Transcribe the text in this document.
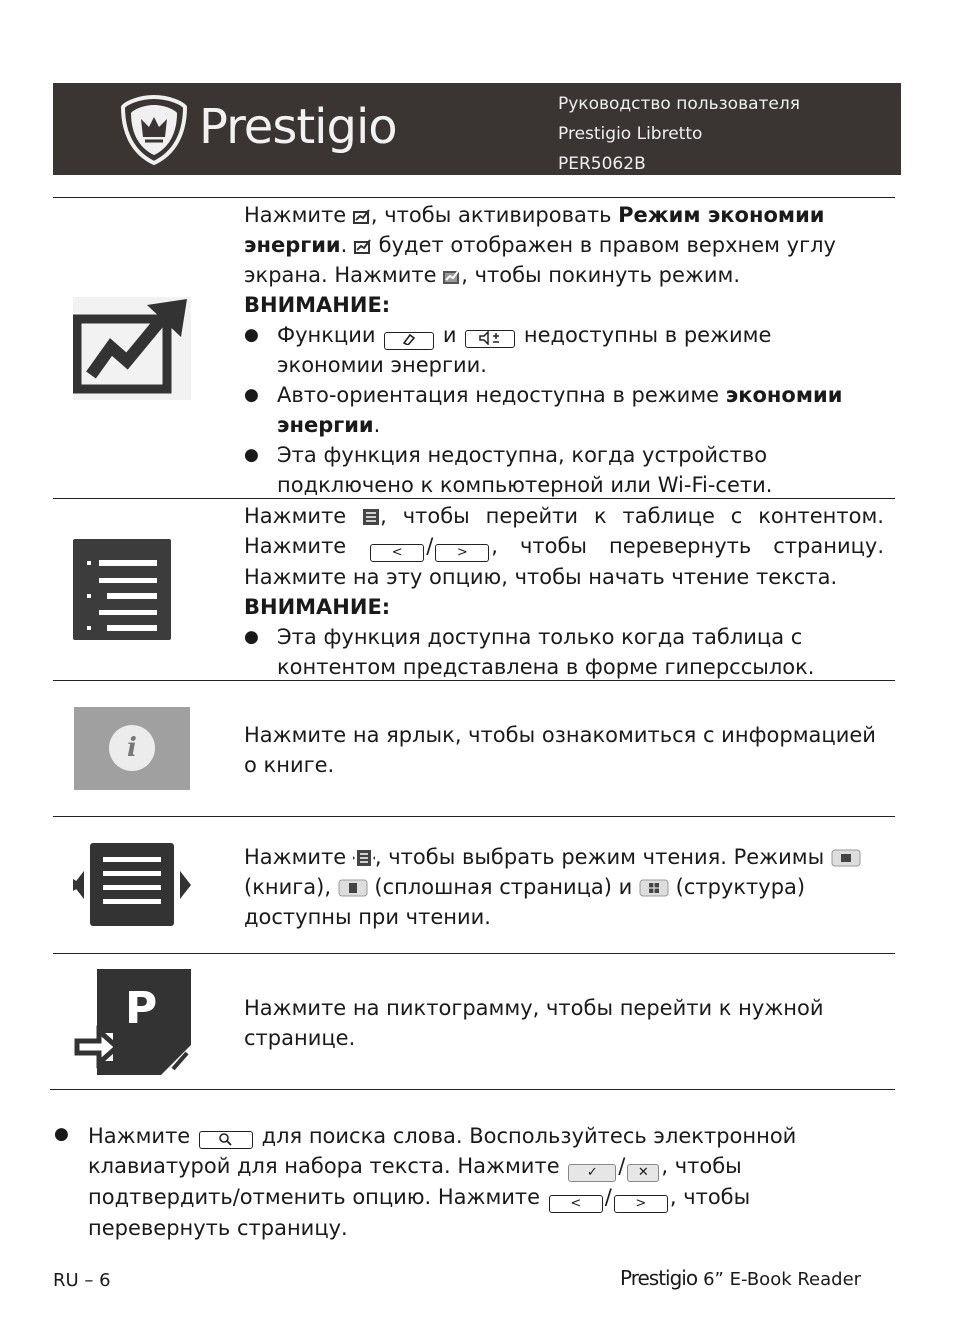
Prestigio	Руководство пользователя
Prestigio Libretto
PER5062B
Нажмите , чтобы активировать Режим экономии энергии.  будет отображен в правом верхнем углу экрана. Нажмите , чтобы покинуть режим.
ВНИМАНИЕ:
● Функции	и	недоступны в режиме экономии энергии.
● Авто-ориентация недоступна в режиме экономии энергии.
● Эта функция недоступна, когда устройство подключено к компьютерной или Wi-Fi-сети.
Нажмите , чтобы перейти к таблице с контентом. Нажмите < / > , чтобы перевернуть страницу. Нажмите на эту опцию, чтобы начать чтение текста.
ВНИМАНИЕ:
● Эта функция доступна только когда таблица с контентом представлена в форме гиперссылок.
i	Нажмите на ярлык, чтобы ознакомиться с информацией о книге.
Нажмите , чтобы выбрать режим чтения. Режимы  (книга),  (сплошная страница) и  (структура) доступны при чтении.
P	Нажмите на пиктограмму, чтобы перейти к нужной странице.
● Нажмите	для поиска слова. Воспользуйтесь электронной клавиатурой для набора текста. Нажмите ✓ / ✕ , чтобы подтвердить/отменить опцию. Нажмите < / > , чтобы перевернуть страницу.
RU – 6	Prestigio 6” E-Book Reader
